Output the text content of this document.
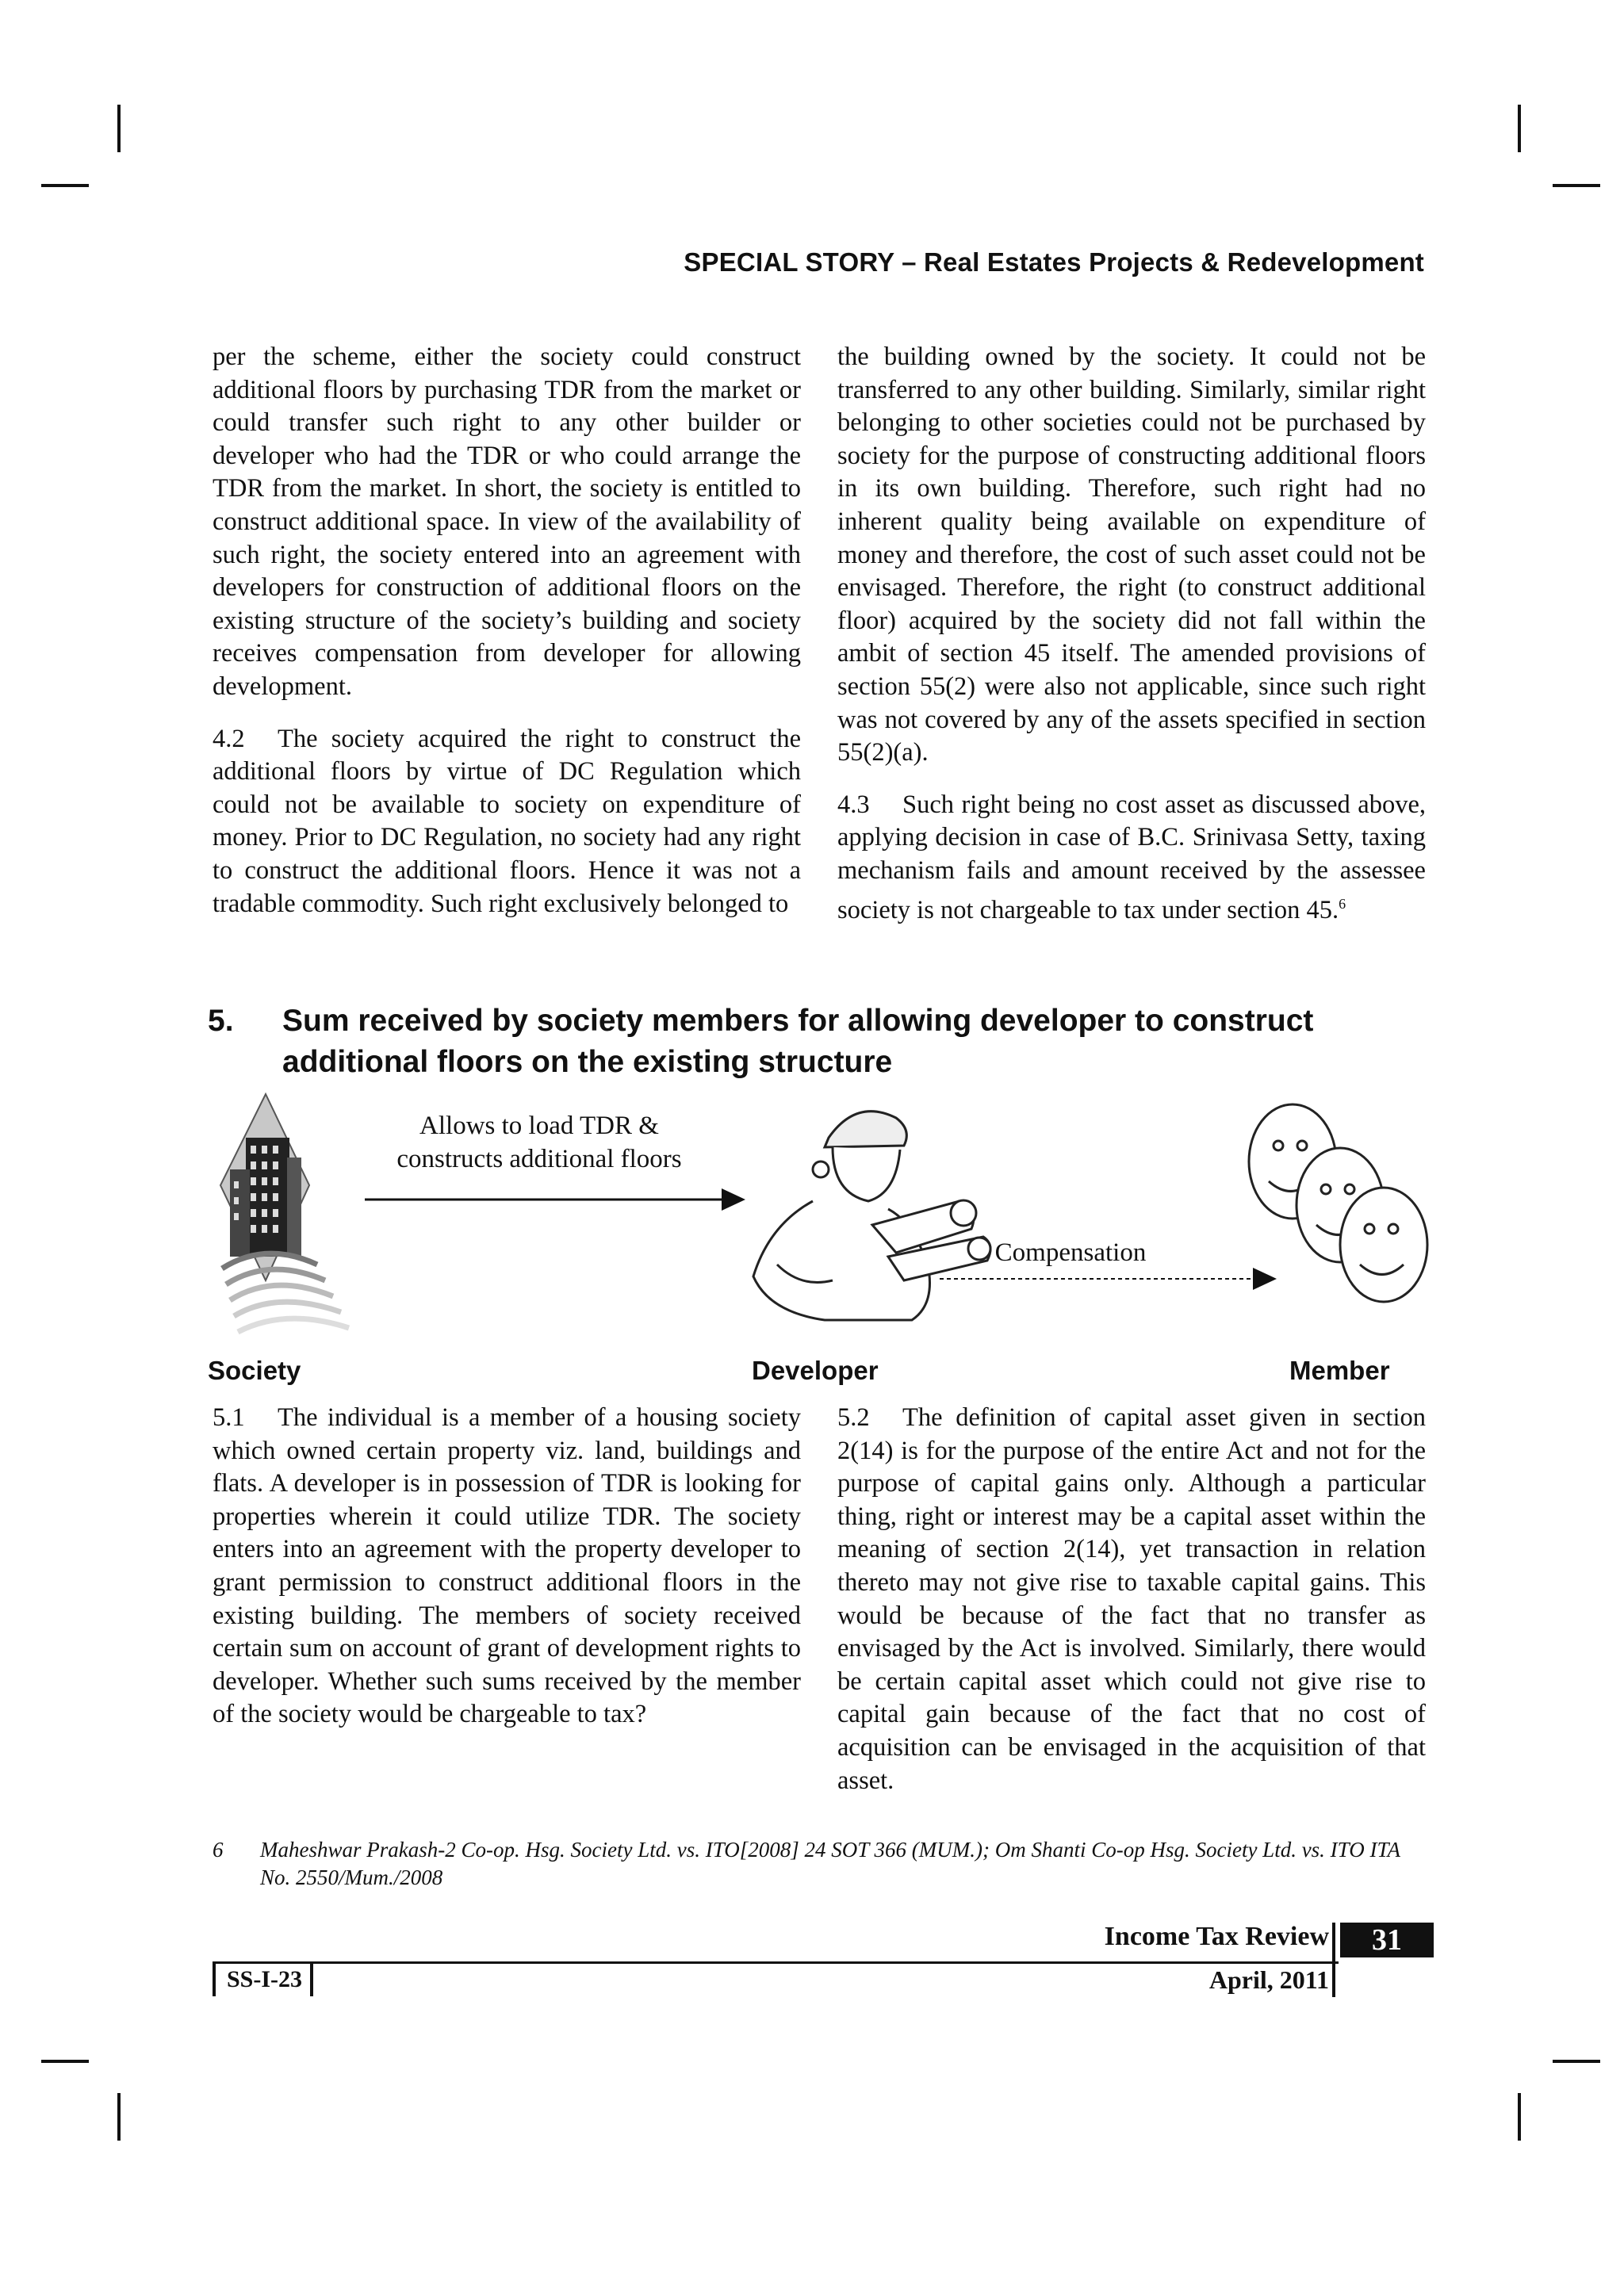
SPECIAL STORY – Real Estates Projects & Redevelopment

per the scheme, either the society could construct additional floors by purchasing TDR from the market or could transfer such right to any other builder or developer who had the TDR or who could arrange the TDR from the market. In short, the society is entitled to construct additional space. In view of the availability of such right, the society entered into an agreement with developers for construction of additional floors on the existing structure of the society’s building and society receives compensation from developer for allowing development.

4.2 The society acquired the right to construct the additional floors by virtue of DC Regulation which could not be available to society on expenditure of money. Prior to DC Regulation, no society had any right to construct the additional floors. Hence it was not a tradable commodity. Such right exclusively belonged to

the building owned by the society. It could not be transferred to any other building. Similarly, similar right belonging to other societies could not be purchased by society for the purpose of constructing additional floors in its own building. Therefore, such right had no inherent quality being available on expenditure of money and therefore, the cost of such asset could not be envisaged. Therefore, the right (to construct additional floor) acquired by the society did not fall within the ambit of section 45 itself. The amended provisions of section 55(2) were also not applicable, since such right was not covered by any of the assets specified in section 55(2)(a).

4.3 Such right being no cost asset as discussed above, applying decision in case of B.C. Srinivasa Setty, taxing mechanism fails and amount received by the assessee society is not chargeable to tax under section 45.$^6$

5. Sum received by society members for allowing developer to construct additional floors on the existing structure
Allows to load TDR &
constructs additional floors
Compensation
Society	Developer	Member

5.1 The individual is a member of a housing society which owned certain property viz. land, buildings and flats. A developer is in possession of TDR is looking for properties wherein it could utilize TDR. The society enters into an agreement with the property developer to grant permission to construct additional floors in the existing building. The members of society received certain sum on account of grant of development rights to developer. Whether such sums received by the member of the society would be chargeable to tax?

5.2 The definition of capital asset given in section 2(14) is for the purpose of the entire Act and not for the purpose of capital gains only. Although a particular thing, right or interest may be a capital asset within the meaning of section 2(14), yet transaction in relation thereto may not give rise to taxable capital gains. This would be because of the fact that no transfer as envisaged by the Act is involved. Similarly, there would be certain capital asset which could not give rise to capital gain because of the fact that no cost of acquisition can be envisaged in the acquisition of that asset.

6 Maheshwar Prakash-2 Co-op. Hsg. Society Ltd. vs. ITO[2008] 24 SOT 366 (MUM.); Om Shanti Co-op Hsg. Society Ltd. vs. ITO ITA No. 2550/Mum./2008
Income Tax Review	31
April, 2011
SS-I-23
